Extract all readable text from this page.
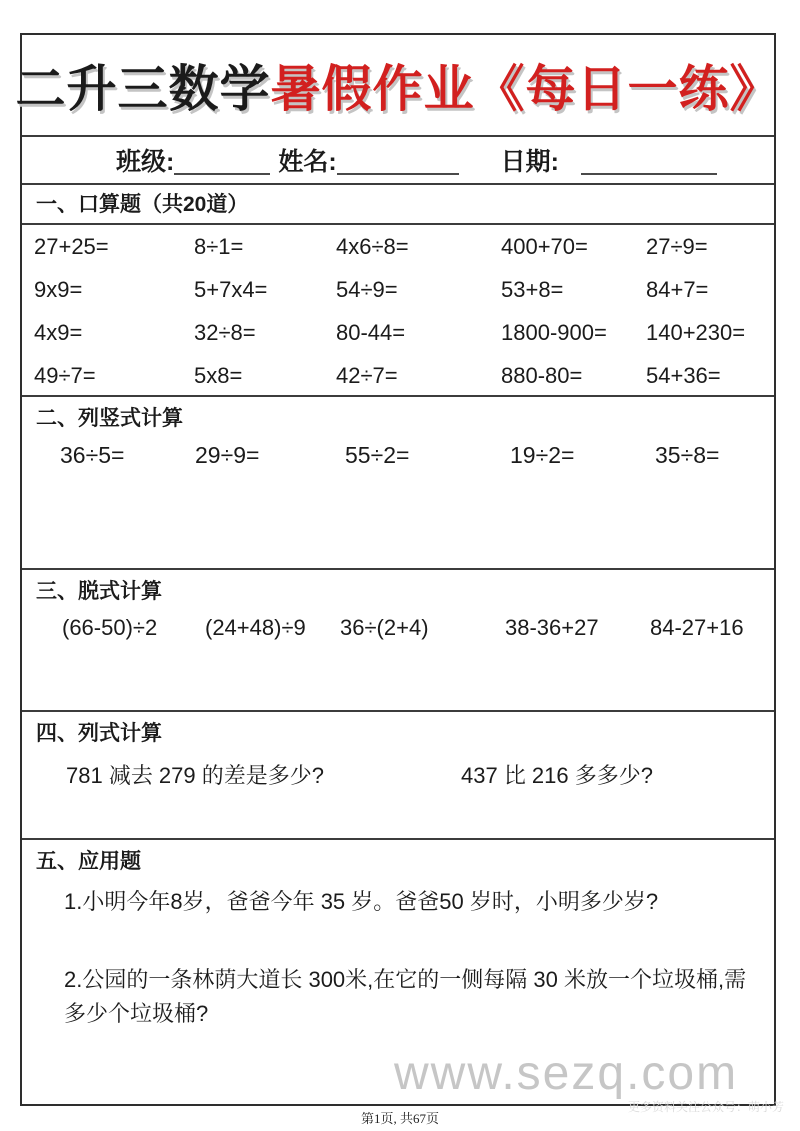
二升三数学暑假作业《每日一练》
班级:	姓名:	日期:
一、口算题（共20道）
27+25=	8÷1=	4x6÷8=	400+70=	27÷9=
9x9=	5+7x4=	54÷9=	53+8=	84+7=
4x9=	32÷8=	80-44=	1800-900=	140+230=
49÷7=	5x8=	42÷7=	880-80=	54+36=
二、列竖式计算
36÷5=	29÷9=	55÷2=	19÷2=	35÷8=
三、脱式计算
(66-50)÷2	(24+48)÷9	36÷(2+4)	38-36+27	84-27+16
四、列式计算
781 减去 279 的差是多少?	437 比 216 多多少?
五、应用题
1.小明今年8岁，爸爸今年 35 岁。爸爸50 岁时，小明多少岁?
2.公园的一条林荫大道长 300米,在它的一侧每隔 30 米放一个垃圾桶,需多少个垃圾桶?
www.sezq.com
更多资料关注公众号：萌小芳
第1页, 共67页
